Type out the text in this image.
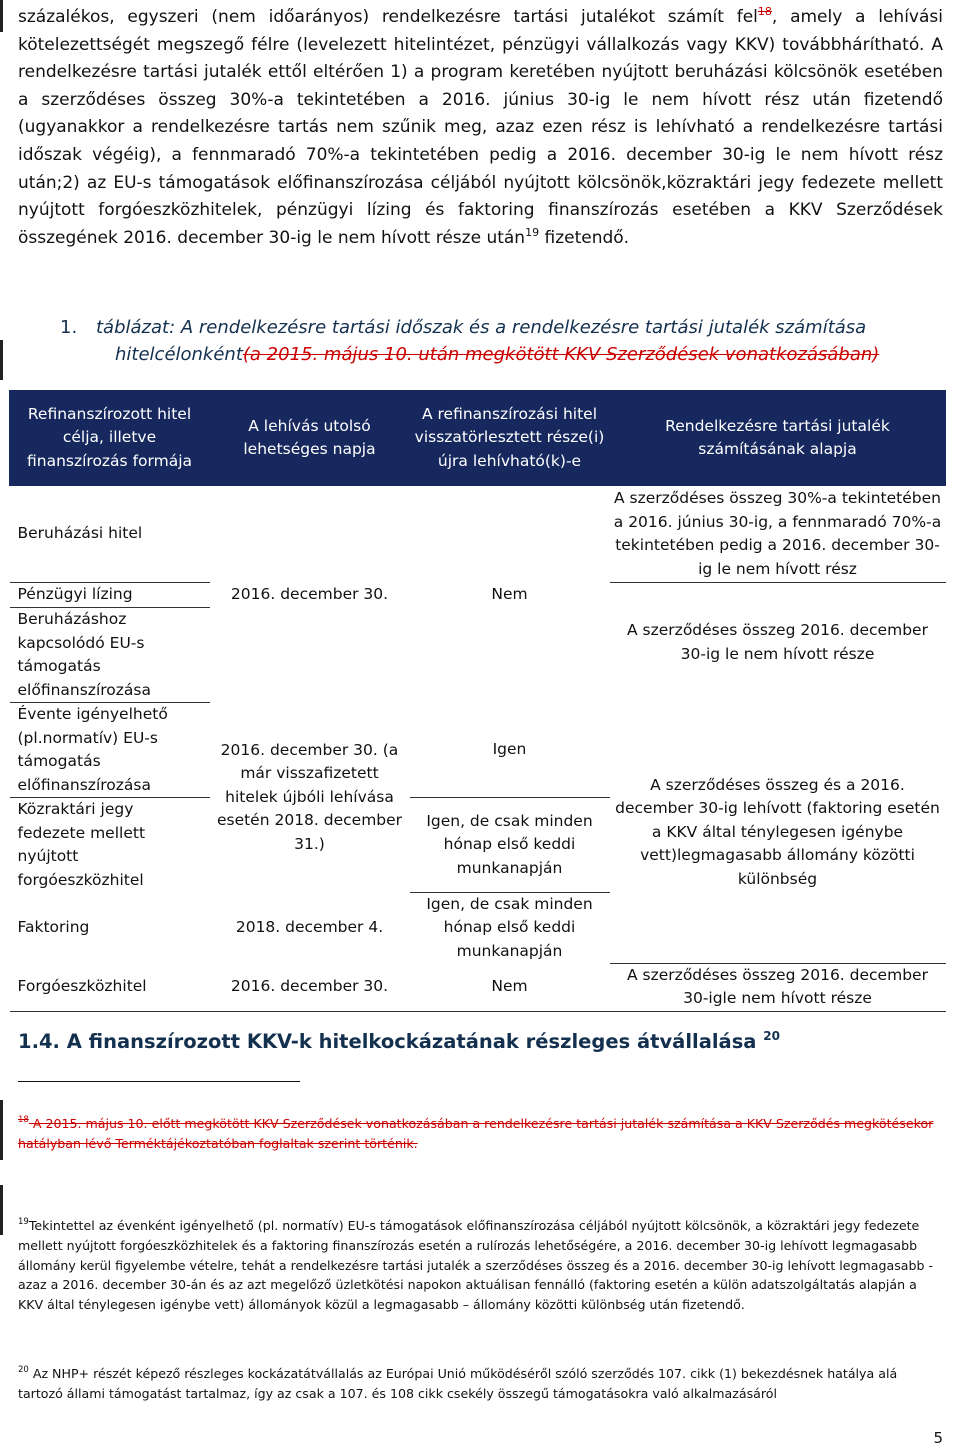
százalékos, egyszeri (nem időarányos) rendelkezésre tartási jutalékot számít fel$^{18}$, amely a lehívási kötelezettségét megszegő félre (levelezett hitelintézet, pénzügyi vállalkozás vagy KKV) továbbhárítható. A rendelkezésre tartási jutalék ettől eltérően 1) a program keretében nyújtott beruházási kölcsönök esetében a szerződéses összeg 30%-a tekintetében a 2016. június 30-ig le nem hívott rész után fizetendő (ugyanakkor a rendelkezésre tartás nem szűnik meg, azaz ezen rész is lehívható a rendelkezésre tartási időszak végéig), a fennmaradó 70%-a tekintetében pedig a 2016. december 30-ig le nem hívott rész után;2) az EU-s támogatások előfinanszírozása céljából nyújtott kölcsönök,közraktári jegy fedezete mellett nyújtott forgóeszközhitelek, pénzügyi lízing és faktoring finanszírozás esetében a KKV Szerződések összegének 2016. december 30-ig le nem hívott része után$^{19}$ fizetendő.

1. táblázat: A rendelkezésre tartási időszak és a rendelkezésre tartási jutalék számítása
hitelcélonként(a 2015. május 10. után megkötött KKV Szerződések vonatkozásában)
Refinanszírozott hitel célja, illetve finanszírozás formája	A lehívás utolsó lehetséges napja	A refinanszírozási hitel visszatörlesztett része(i) újra lehívható(k)-e	Rendelkezésre tartási jutalék számításának alapja
Beruházási hitel			A szerződéses összeg 30%-a tekintetében a 2016. június 30-ig, a fennmaradó 70%-a tekintetében pedig a 2016. december 30-ig le nem hívott rész
Pénzügyi lízing	2016. december 30.	Nem	A szerződéses összeg 2016. december 30-ig le nem hívott része
Beruházáshoz kapcsolódó EU-s támogatás előfinanszírozása			
Évente igényelhető (pl.normatív) EU-s támogatás előfinanszírozása	2016. december 30. (a már visszafizetett hitelek újbóli lehívása esetén 2018. december 31.)	Igen	A szerződéses összeg és a 2016. december 30-ig lehívott (faktoring esetén a KKV által ténylegesen igénybe vett)legmagasabb állomány közötti különbség
Közraktári jegy fedezete mellett nyújtott forgóeszközhitel		Igen, de csak minden hónap első keddi munkanapján	
Faktoring	2018. december 4.	Igen, de csak minden hónap első keddi munkanapján	
Forgóeszközhitel	2016. december 30.	Nem	A szerződéses összeg 2016. december 30-igle nem hívott része
1.4. A finanszírozott KKV-k hitelkockázatának részleges átvállalása $^{20}$

$^{18}$ A 2015. május 10. előtt megkötött KKV Szerződések vonatkozásában a rendelkezésre tartási jutalék számítása a KKV Szerződés megkötésekor hatályban lévő Terméktájékoztatóban foglaltak szerint történik.

$^{19}$Tekintettel az évenként igényelhető (pl. normatív) EU-s támogatások előfinanszírozása céljából nyújtott kölcsönök, a közraktári jegy fedezete mellett nyújtott forgóeszközhitelek és a faktoring finanszírozás esetén a rulírozás lehetőségére, a 2016. december 30-ig lehívott legmagasabb állomány kerül figyelembe vételre, tehát a rendelkezésre tartási jutalék a szerződéses összeg és a 2016. december 30-ig lehívott legmagasabb - azaz a 2016. december 30-án és az azt megelőző üzletkötési napokon aktuálisan fennálló (faktoring esetén a külön adatszolgáltatás alapján a KKV által ténylegesen igénybe vett) állományok közül a legmagasabb – állomány közötti különbség után fizetendő.

$^{20}$ Az NHP+ részét képező részleges kockázatátvállalás az Európai Unió működéséről szóló szerződés 107. cikk (1) bekezdésnek hatálya alá tartozó állami támogatást tartalmaz, így az csak a 107. és 108 cikk csekély összegű támogatásokra való alkalmazásáról

5
